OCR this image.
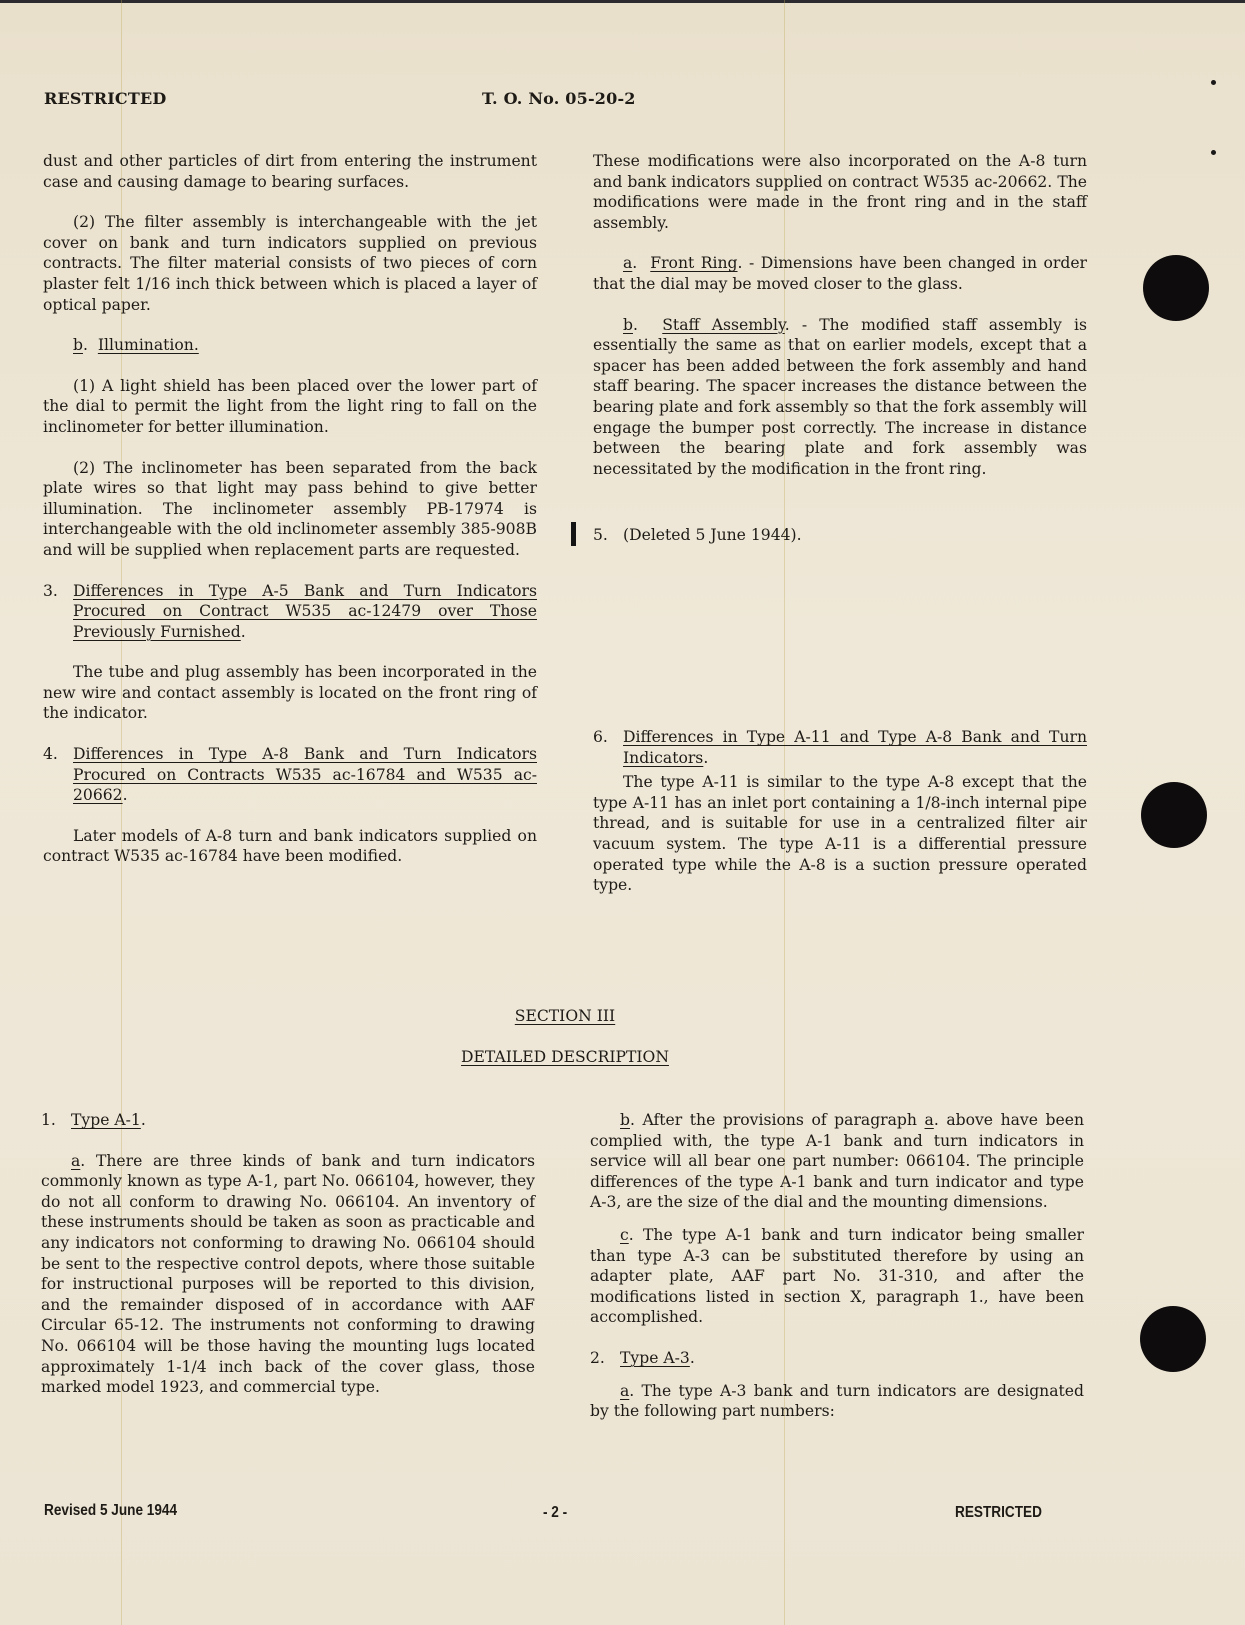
RESTRICTED	T. O. No. 05-20-2

dust and other particles of dirt from entering the instrument case and causing damage to bearing surfaces.

(2) The filter assembly is interchangeable with the jet cover on bank and turn indicators supplied on previous contracts. The filter material consists of two pieces of corn plaster felt 1/16 inch thick between which is placed a layer of optical paper.

b.  Illumination.

(1) A light shield has been placed over the lower part of the dial to permit the light from the light ring to fall on the inclinometer for better illumination.

(2) The inclinometer has been separated from the back plate wires so that light may pass behind to give better illumination. The inclinometer assembly PB-17974 is interchangeable with the old inclinometer assembly 385-908B and will be supplied when replacement parts are requested.

3. Differences in Type A-5 Bank and Turn Indicators Procured on Contract W535 ac-12479 over Those Previously Furnished.

The tube and plug assembly has been incorporated in the new wire and contact assembly is located on the front ring of the indicator.

4. Differences in Type A-8 Bank and Turn Indicators Procured on Contracts W535 ac-16784 and W535 ac-20662.

Later models of A-8 turn and bank indicators supplied on contract W535 ac-16784 have been modified.

These modifications were also incorporated on the A-8 turn and bank indicators supplied on contract W535 ac-20662. The modifications were made in the front ring and in the staff assembly.

a.  Front Ring. - Dimensions have been changed in order that the dial may be moved closer to the glass.

b.  Staff Assembly. - The modified staff assembly is essentially the same as that on earlier models, except that a spacer has been added between the fork assembly and hand staff bearing. The spacer increases the distance between the bearing plate and fork assembly so that the fork assembly will engage the bumper post correctly. The increase in distance between the bearing plate and fork assembly was necessitated by the modification in the front ring.

5. (Deleted 5 June 1944).
6. Differences in Type A-11 and Type A-8 Bank and Turn Indicators.

The type A-11 is similar to the type A-8 except that the type A-11 has an inlet port containing a 1/8-inch internal pipe thread, and is suitable for use in a centralized filter air vacuum system. The type A-11 is a differential pressure operated type while the A-8 is a suction pressure operated type.

SECTION III
DETAILED DESCRIPTION
1. Type A-1.

a. There are three kinds of bank and turn indicators commonly known as type A-1, part No. 066104, however, they do not all conform to drawing No. 066104. An inventory of these instruments should be taken as soon as practicable and any indicators not conforming to drawing No. 066104 should be sent to the respective control depots, where those suitable for instructional purposes will be reported to this division, and the remainder disposed of in accordance with AAF Circular 65-12. The instruments not conforming to drawing No. 066104 will be those having the mounting lugs located approximately 1-1/4 inch back of the cover glass, those marked model 1923, and commercial type.

b. After the provisions of paragraph a. above have been complied with, the type A-1 bank and turn indicators in service will all bear one part number: 066104. The principle differences of the type A-1 bank and turn indicator and type A-3, are the size of the dial and the mounting dimensions.

c. The type A-1 bank and turn indicator being smaller than type A-3 can be substituted therefore by using an adapter plate, AAF part No. 31-310, and after the modifications listed in section X, paragraph 1., have been accomplished.

2. Type A-3.

a. The type A-3 bank and turn indicators are designated by the following part numbers:

Revised 5 June 1944	- 2 -	RESTRICTED
